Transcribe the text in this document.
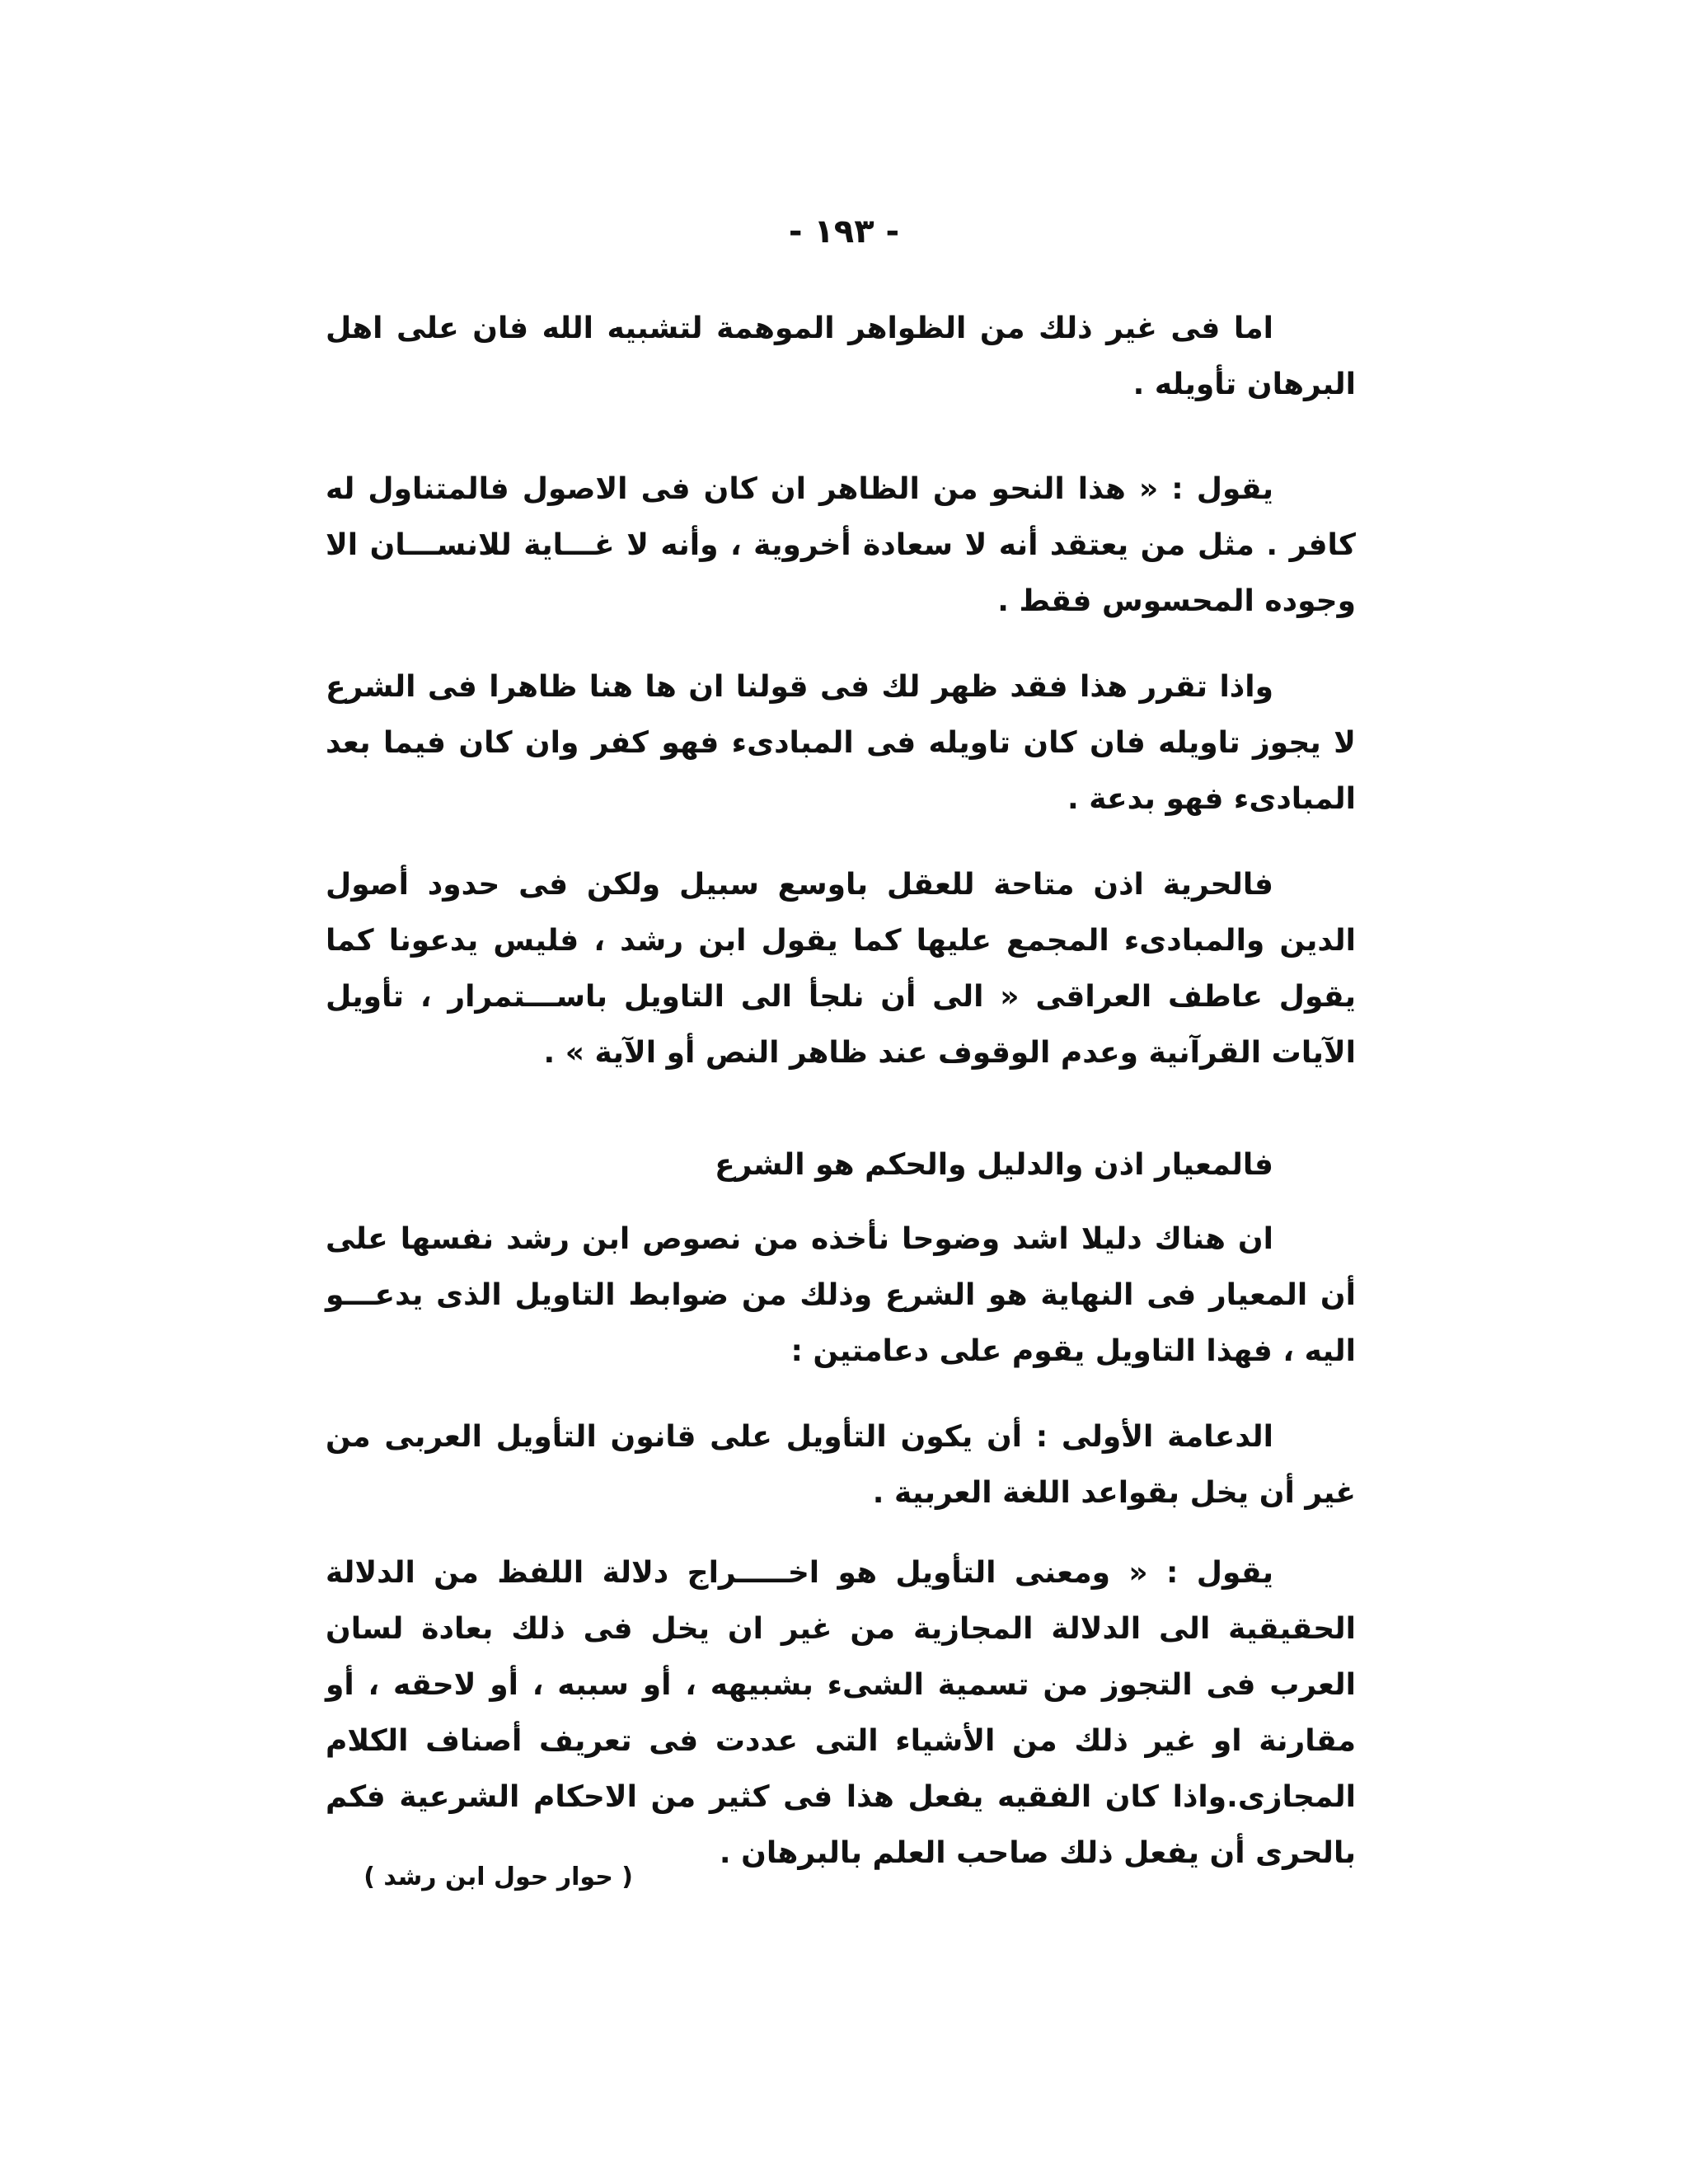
- ١٩٣ -

اما فى غير ذلك من الظواهر الموهمة لتشبيه الله فان على اهل البرهان تأويله .

يقول : « هذا النحو من الظاهر ان كان فى الاصول فالمتناول له كافر . مثل من يعتقد أنه لا سعادة أخروية ، وأنه لا غـــاية للانســـان الا وجوده المحسوس فقط .

واذا تقرر هذا فقد ظهر لك فى قولنا ان ها هنا ظاهرا فى الشرع لا يجوز تاويله فان كان تاويله فى المبادىء فهو كفر وان كان فيما بعد المبادىء فهو بدعة .

فالحرية اذن متاحة للعقل باوسع سبيل ولكن فى حدود أصول الدين والمبادىء المجمع عليها كما يقول ابن رشد ، فليس يدعونا كما يقول عاطف العراقى « الى أن نلجأ الى التاويل باســـتمرار ، تأويل الآيات القرآنية وعدم الوقوف عند ظاهر النص أو الآية » .

فالمعيار اذن والدليل والحكم هو الشرع

ان هناك دليلا اشد وضوحا نأخذه من نصوص ابن رشد نفسها على أن المعيار فى النهاية هو الشرع وذلك من ضوابط التاويل الذى يدعـــو اليه ، فهذا التاويل يقوم على دعامتين :

الدعامة الأولى : أن يكون التأويل على قانون التأويل العربى من غير أن يخل بقواعد اللغة العربية .

يقول : « ومعنى التأويل هو اخـــــراج دلالة اللفظ من الدلالة الحقيقية الى الدلالة المجازية من غير ان يخل فى ذلك بعادة لسان العرب فى التجوز من تسمية الشىء بشبيهه ، أو سببه ، أو لاحقه ، أو مقارنة او غير ذلك من الأشياء التى عددت فى تعريف أصناف الكلام المجازى.واذا كان الفقيه يفعل هذا فى كثير من الاحكام الشرعية فكم بالحرى أن يفعل ذلك صاحب العلم بالبرهان .

( حوار حول ابن رشد )
